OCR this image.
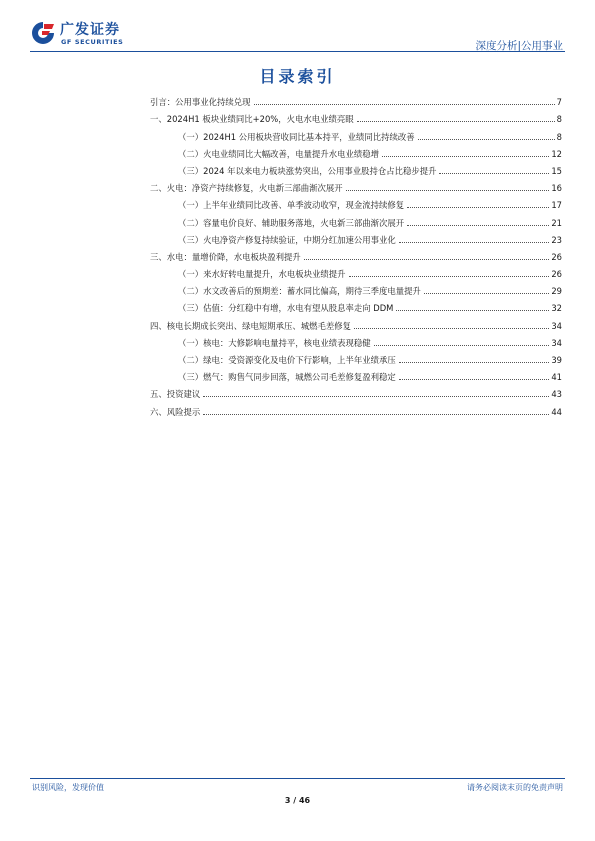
广发证券
GF SECURITIES	深度分析|公用事业
目录索引
引言：公用事业化持续兑现	7
一、2024H1 板块业绩同比+20%，火电水电业绩亮眼	8
（一）2024H1 公用板块营收同比基本持平，业绩同比持续改善	8
（二）火电业绩同比大幅改善，电量提升水电业绩稳增	12
（三）2024 年以来电力板块涨势突出，公用事业股持仓占比稳步提升	15
二、火电：净资产持续修复，火电新三部曲渐次展开	16
（一）上半年业绩同比改善、单季波动收窄，现金流持续修复	17
（二）容量电价良好、辅助服务落地，火电新三部曲渐次展开	21
（三）火电净资产修复持续验证，中期分红加速公用事业化	23
三、水电：量增价降，水电板块盈利提升	26
（一）来水好转电量提升，水电板块业绩提升	26
（二）水文改善后的预期差：蓄水同比偏高，期待三季度电量提升	29
（三）估值：分红稳中有增，水电有望从股息率走向 DDM	32
四、核电长期成长突出、绿电短期承压、城燃毛差修复	34
（一）核电：大修影响电量持平，核电业绩表现稳健	34
（二）绿电：受资源变化及电价下行影响，上半年业绩承压	39
（三）燃气：购售气同步回落，城燃公司毛差修复盈利稳定	41
五、投资建议	43
六、风险提示	44
识别风险，发现价值	请务必阅读末页的免责声明
3 / 46
